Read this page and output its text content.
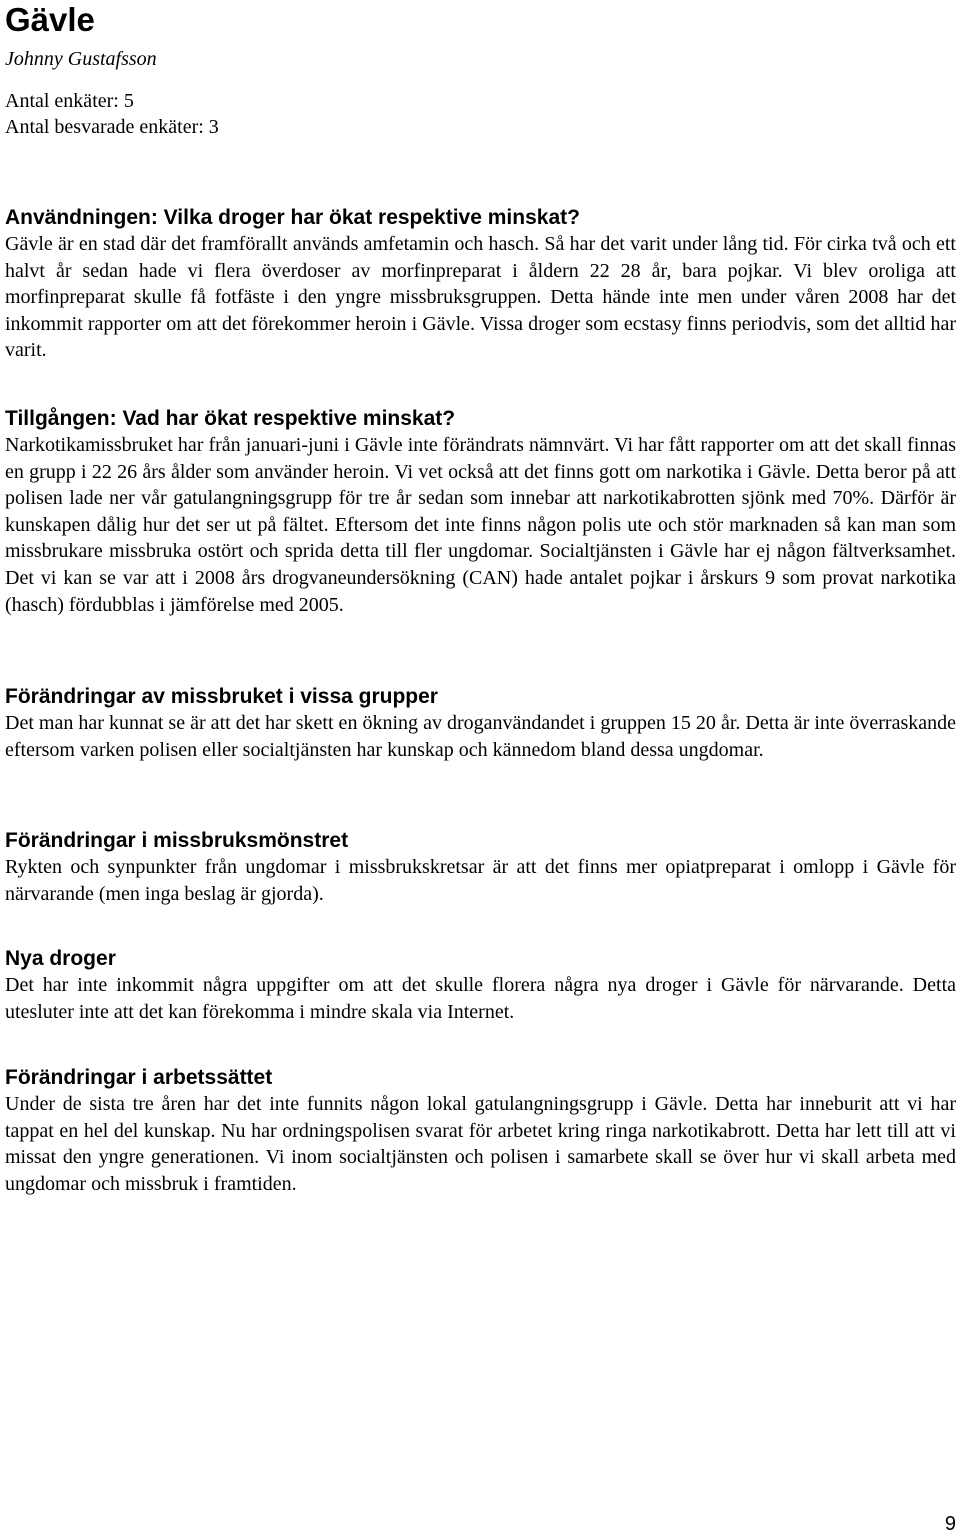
Gävle

Johnny Gustafsson

Antal enkäter: 5

Antal besvarade enkäter: 3

Användningen: Vilka droger har ökat respektive minskat?

Gävle är en stad där det framförallt används amfetamin och hasch. Så har det varit under lång tid. För cirka två och ett halvt år sedan hade vi flera överdoser av morfinpreparat i åldern 22 28 år, bara pojkar. Vi blev oroliga att morfinpreparat skulle få fotfäste i den yngre missbruksgruppen. Detta hände inte men under våren 2008 har det inkommit rapporter om att det förekommer heroin i Gävle. Vissa droger som ecstasy finns periodvis, som det alltid har varit.

Tillgången: Vad har ökat respektive minskat?

Narkotikamissbruket har från januari-juni i Gävle inte förändrats nämnvärt. Vi har fått rapporter om att det skall finnas en grupp i 22 26 års ålder som använder heroin. Vi vet också att det finns gott om narkotika i Gävle. Detta beror på att polisen lade ner vår gatulangningsgrupp för tre år sedan som innebar att narkotikabrotten sjönk med 70%. Därför är kunskapen dålig hur det ser ut på fältet. Eftersom det inte finns någon polis ute och stör marknaden så kan man som missbrukare missbruka ostört och sprida detta till fler ungdomar. Socialtjänsten i Gävle har ej någon fältverksamhet. Det vi kan se var att i 2008 års drogvaneundersökning (CAN) hade antalet pojkar i årskurs 9 som provat narkotika (hasch) fördubblas i jämförelse med 2005.

Förändringar av missbruket i vissa grupper

Det man har kunnat se är att det har skett en ökning av droganvändandet i gruppen 15 20 år. Detta är inte överraskande eftersom varken polisen eller socialtjänsten har kunskap och kännedom bland dessa ungdomar.

Förändringar i missbruksmönstret

Rykten och synpunkter från ungdomar i missbrukskretsar är att det finns mer opiatpreparat i omlopp i Gävle för närvarande (men inga beslag är gjorda).

Nya droger

Det har inte inkommit några uppgifter om att det skulle florera några nya droger i Gävle för närvarande. Detta utesluter inte att det kan förekomma i mindre skala via Internet.

Förändringar i arbetssättet

Under de sista tre åren har det inte funnits någon lokal gatulangningsgrupp i Gävle. Detta har inneburit att vi har tappat en hel del kunskap. Nu har ordningspolisen svarat för arbetet kring ringa narkotikabrott. Detta har lett till att vi missat den yngre generationen. Vi inom socialtjänsten och polisen i samarbete skall se över hur vi skall arbeta med ungdomar och missbruk i framtiden.

9
